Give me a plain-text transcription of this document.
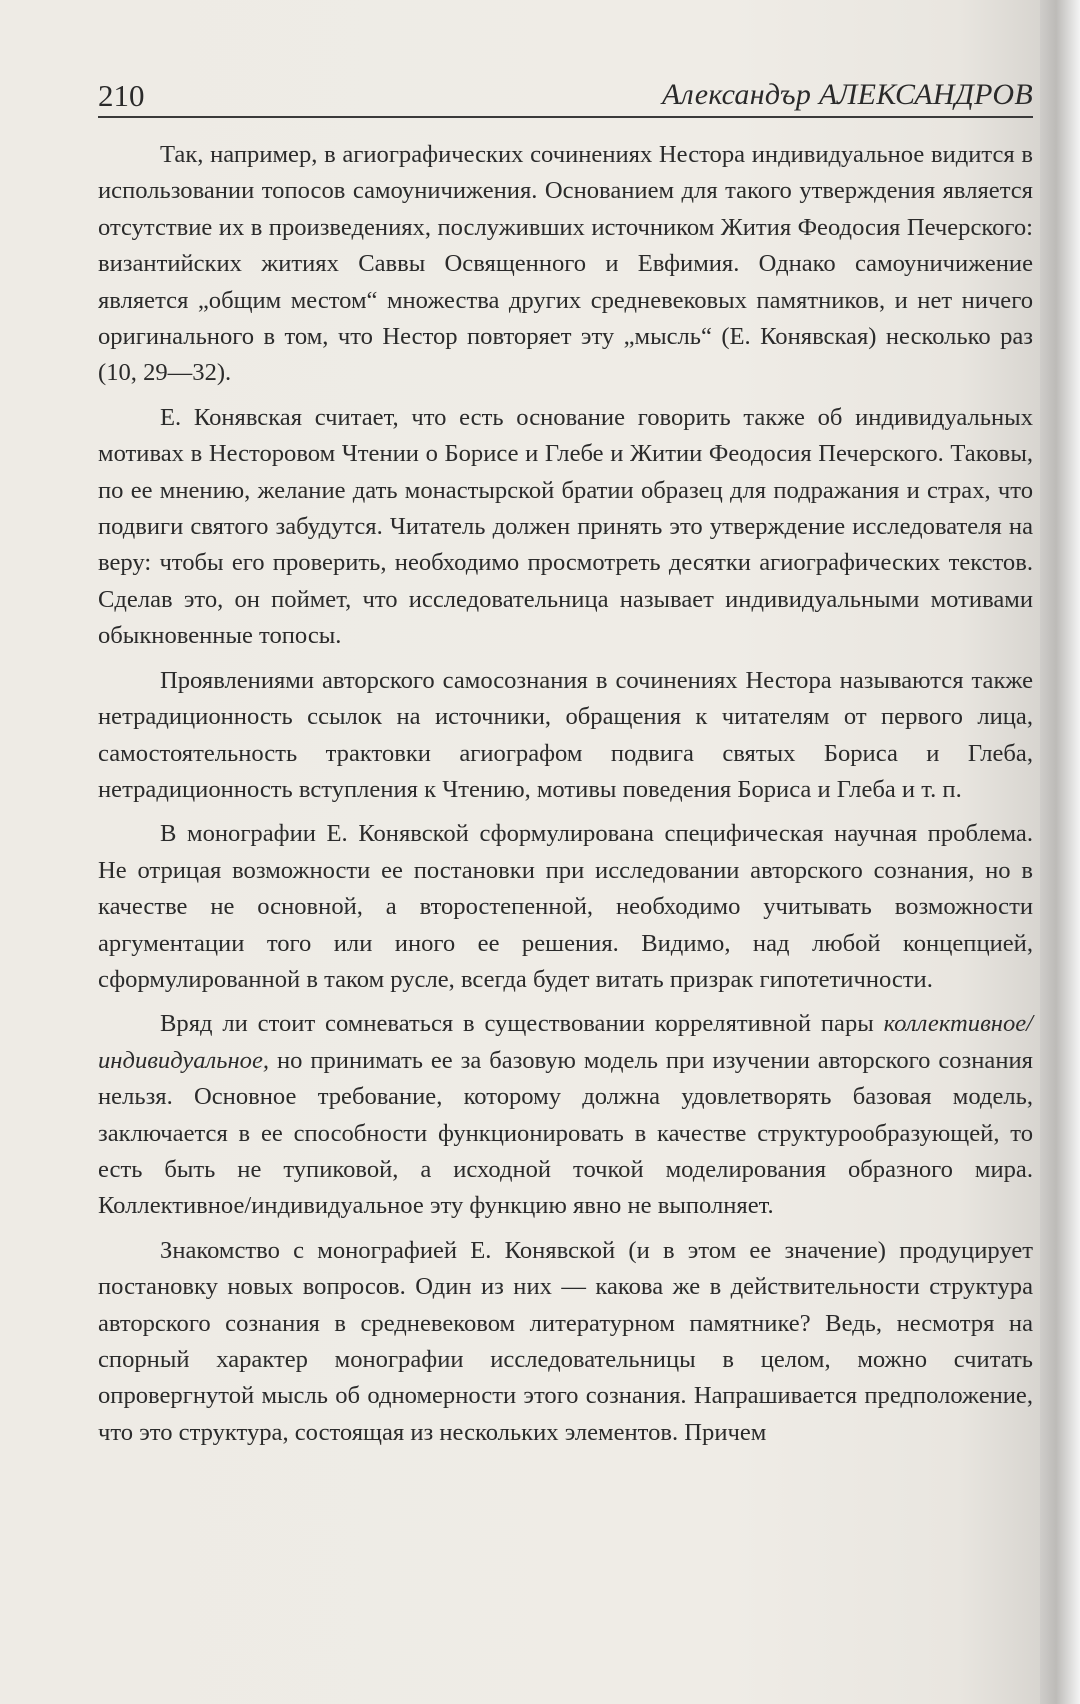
210	Александър АЛЕКСАНДРОВ

Так, например, в агиографических сочинениях Нестора индивидуальное видится в использовании топосов самоуничижения. Основанием для такого утверждения является отсутствие их в произведениях, послуживших источником Жития Феодосия Печерского: византийских житиях Саввы Освященного и Евфимия. Однако самоуничижение является „общим местом“ множества других средневековых памятников, и нет ничего оригинального в том, что Нестор повторяет эту „мысль“ (Е. Конявская) несколько раз (10, 29—32).

Е. Конявская считает, что есть основание говорить также об индивидуальных мотивах в Несторовом Чтении о Борисе и Глебе и Житии Феодосия Печерского. Таковы, по ее мнению, желание дать монастырской братии образец для подражания и страх, что подвиги святого забудутся. Читатель должен принять это утверждение исследователя на веру: чтобы его проверить, необходимо просмотреть десятки агиографических текстов. Сделав это, он поймет, что исследовательница называет индивидуальными мотивами обыкновенные топосы.

Проявлениями авторского самосознания в сочинениях Нестора называются также нетрадиционность ссылок на источники, обращения к читателям от первого лица, самостоятельность трактовки агиографом подвига святых Бориса и Глеба, нетрадиционность вступления к Чтению, мотивы поведения Бориса и Глеба и т. п.

В монографии Е. Конявской сформулирована специфическая научная проблема. Не отрицая возможности ее постановки при исследовании авторского сознания, но в качестве не основной, а второстепенной, необходимо учитывать возможности аргументации того или иного ее решения. Видимо, над любой концепцией, сформулированной в таком русле, всегда будет витать призрак гипотетичности.

Вряд ли стоит сомневаться в существовании коррелятивной пары коллективное/индивидуальное, но принимать ее за базовую модель при изучении авторского сознания нельзя. Основное требование, которому должна удовлетворять базовая модель, заключается в ее способности функционировать в качестве структурообразующей, то есть быть не тупиковой, а исходной точкой моделирования образного мира. Коллективное/индивидуальное эту функцию явно не выполняет.

Знакомство с монографией Е. Конявской (и в этом ее значение) продуцирует постановку новых вопросов. Один из них — какова же в действительности структура авторского сознания в средневековом литературном памятнике? Ведь, несмотря на спорный характер монографии исследовательницы в целом, можно считать опровергнутой мысль об одномерности этого сознания. Напрашивается предположение, что это структура, состоящая из нескольких элементов. Причем
